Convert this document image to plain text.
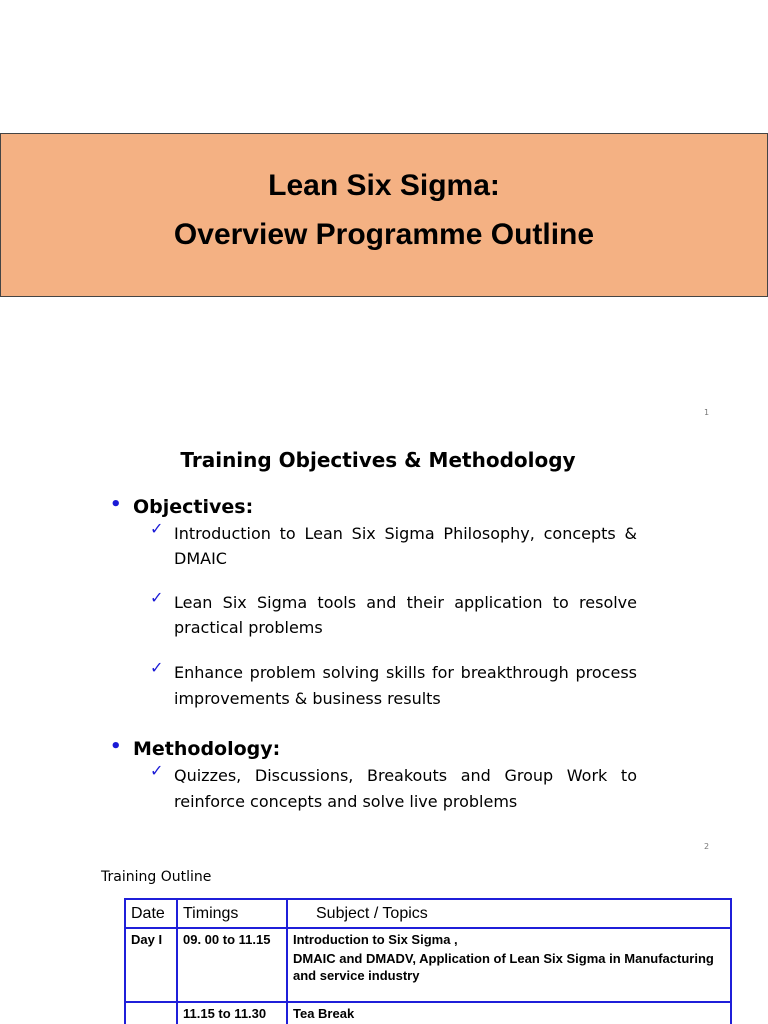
Lean Six Sigma:
Overview Programme Outline
1
Training Objectives & Methodology
• Objectives:
✓ Introduction to Lean Six Sigma Philosophy, concepts & DMAIC
✓ Lean Six Sigma tools and their application to resolve practical problems
✓ Enhance problem solving skills for breakthrough process improvements & business results
• Methodology:
✓ Quizzes, Discussions, Breakouts and Group Work to reinforce concepts and solve live problems
2
Training Outline
Date	Timings	Subject / Topics
Day I	09. 00 to 11.15	Introduction to Six Sigma ,
DMAIC and DMADV, Application of Lean Six Sigma in Manufacturing and service industry

	11.15 to 11.30	Tea Break
